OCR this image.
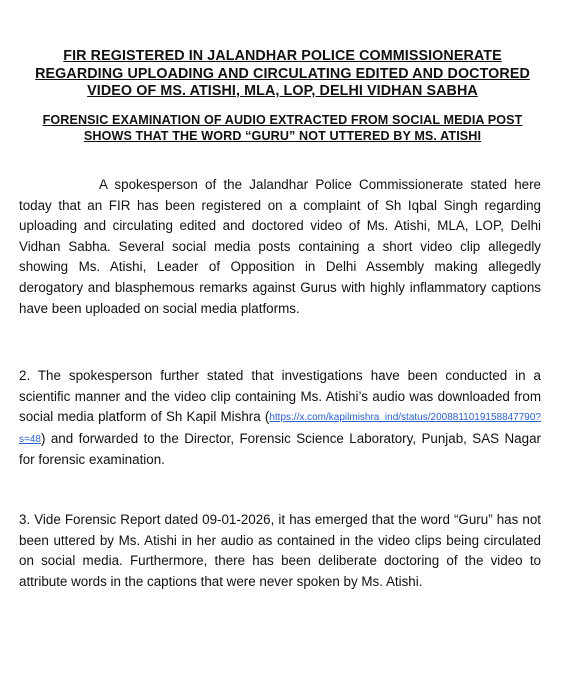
FIR REGISTERED IN JALANDHAR POLICE COMMISSIONERATE REGARDING UPLOADING AND CIRCULATING EDITED AND DOCTORED VIDEO OF MS. ATISHI, MLA, LOP, DELHI VIDHAN SABHA
FORENSIC EXAMINATION OF AUDIO EXTRACTED FROM SOCIAL MEDIA POST SHOWS THAT THE WORD “GURU” NOT UTTERED BY MS. ATISHI

A spokesperson of the Jalandhar Police Commissionerate stated here today that an FIR has been registered on a complaint of Sh Iqbal Singh regarding uploading and circulating edited and doctored video of Ms. Atishi, MLA, LOP, Delhi Vidhan Sabha. Several social media posts containing a short video clip allegedly showing Ms. Atishi, Leader of Opposition in Delhi Assembly making allegedly derogatory and blasphemous remarks against Gurus with highly inflammatory captions have been uploaded on social media platforms.

2. The spokesperson further stated that investigations have been conducted in a scientific manner and the video clip containing Ms. Atishi’s audio was downloaded from social media platform of Sh Kapil Mishra (https://x.com/kapilmishra_ind/status/2008811019158847790?s=48) and forwarded to the Director, Forensic Science Laboratory, Punjab, SAS Nagar for forensic examination.

3. Vide Forensic Report dated 09-01-2026, it has emerged that the word “Guru” has not been uttered by Ms. Atishi in her audio as contained in the video clips being circulated on social media. Furthermore, there has been deliberate doctoring of the video to attribute words in the captions that were never spoken by Ms. Atishi.
